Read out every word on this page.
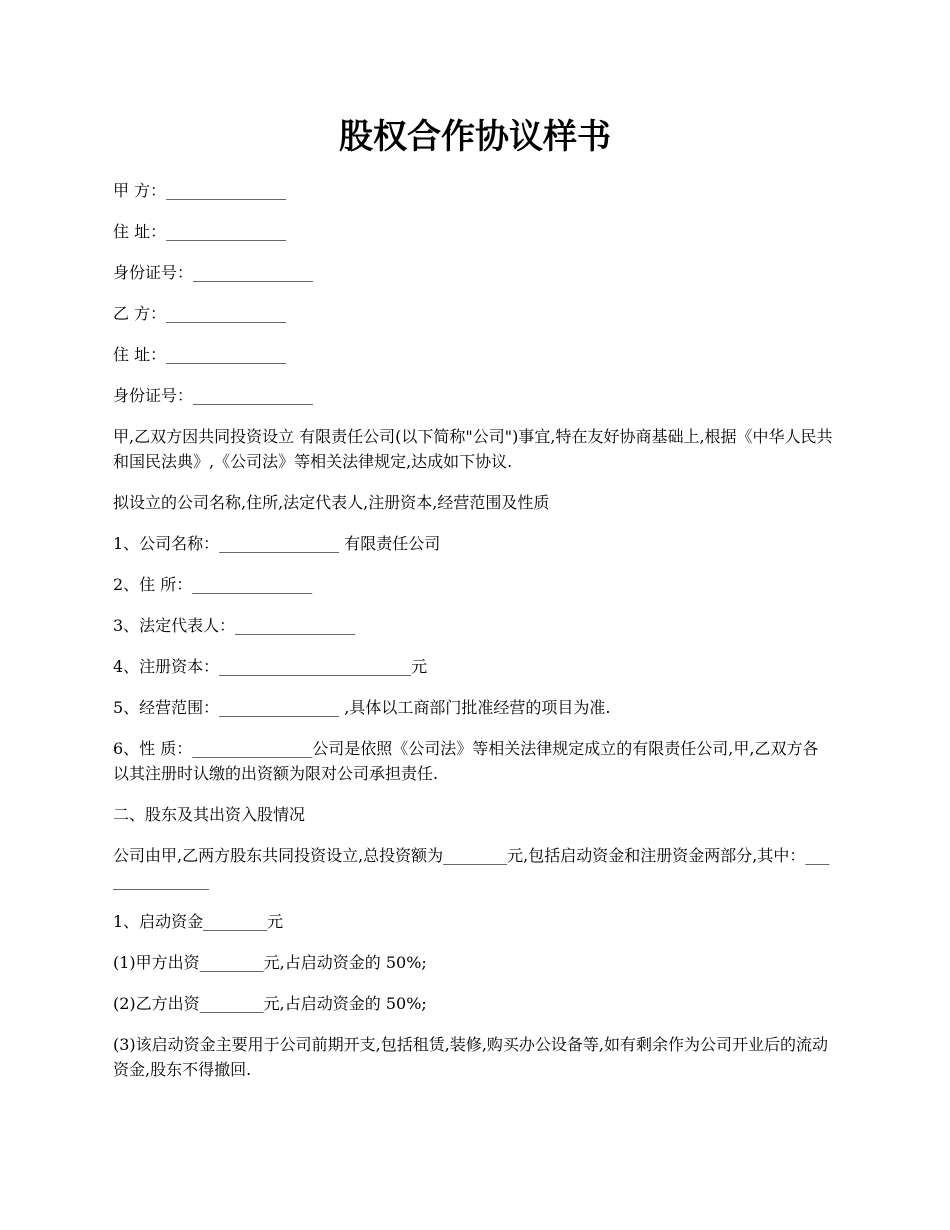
股权合作协议样书

甲 方：_______________

住 址：_______________

身份证号：_______________

乙 方：_______________

住 址：_______________

身份证号：_______________

甲,乙双方因共同投资设立 有限责任公司(以下简称"公司")事宜,特在友好协商基础上,根据《中华人民共和国民法典》,《公司法》等相关法律规定,达成如下协议.

拟设立的公司名称,住所,法定代表人,注册资本,经营范围及性质

1、公司名称：_______________ 有限责任公司

2、住 所：_______________

3、法定代表人：_______________

4、注册资本：________________________元

5、经营范围：_______________ ,具体以工商部门批准经营的项目为准.

6、性 质：_______________公司是依照《公司法》等相关法律规定成立的有限责任公司,甲,乙双方各以其注册时认缴的出资额为限对公司承担责任.

二、股东及其出资入股情况

公司由甲,乙两方股东共同投资设立,总投资额为________元,包括启动资金和注册资金两部分,其中：_______________

1、启动资金________元

(1)甲方出资________元,占启动资金的 50%;

(2)乙方出资________元,占启动资金的 50%;

(3)该启动资金主要用于公司前期开支,包括租赁,装修,购买办公设备等,如有剩余作为公司开业后的流动资金,股东不得撤回.
